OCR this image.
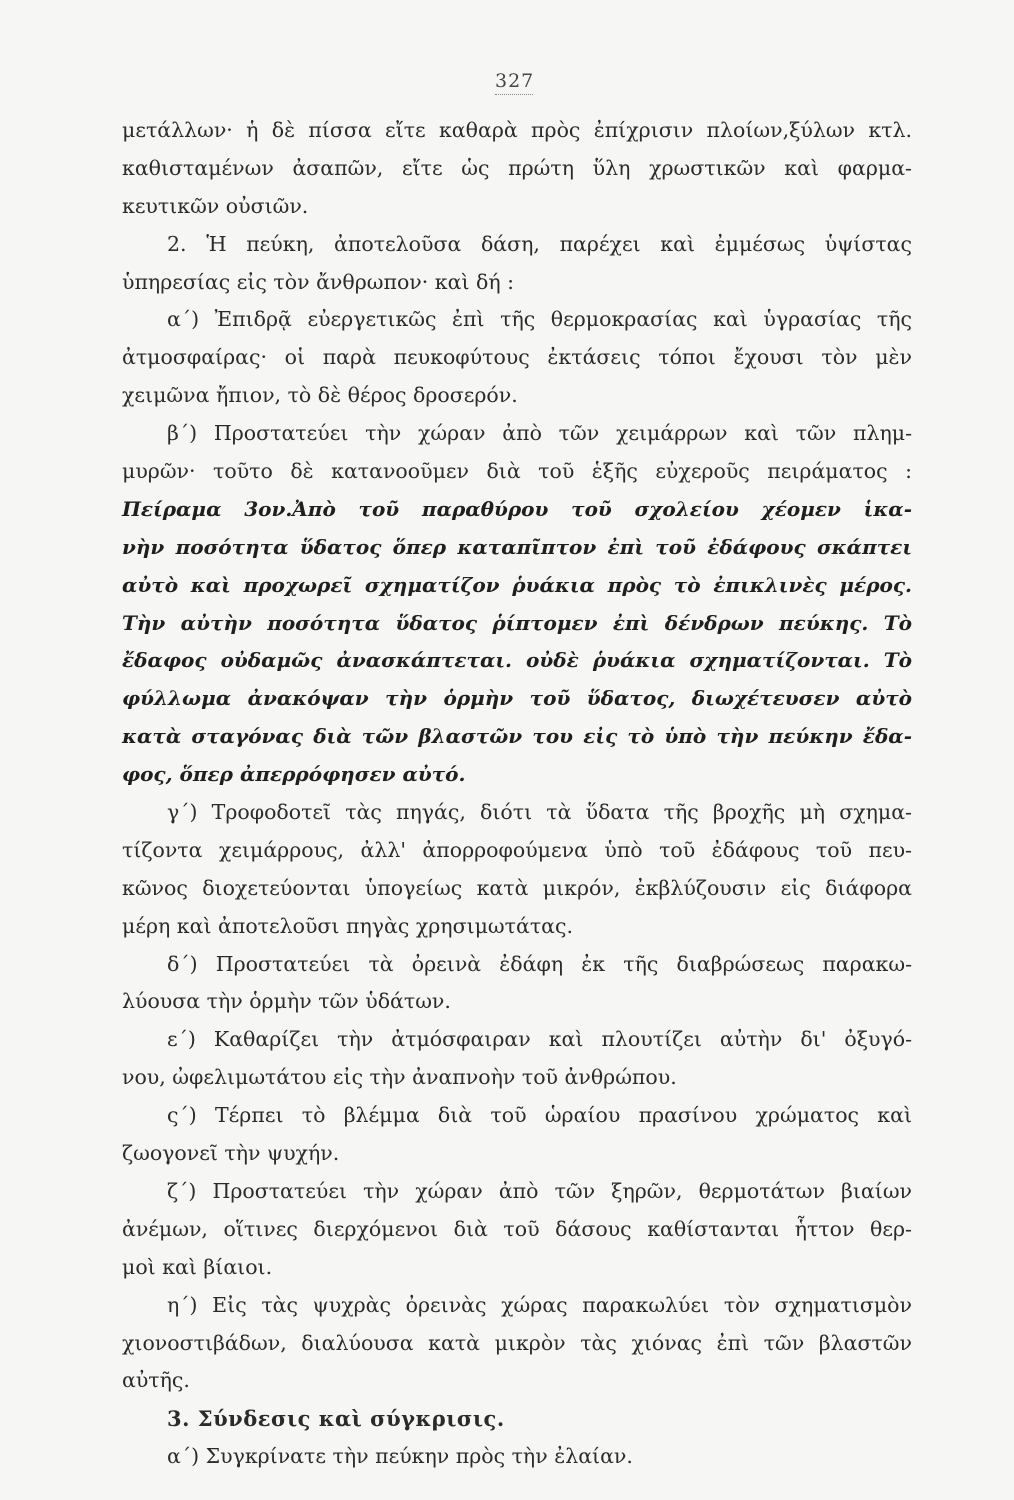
327
μετάλλων· ἡ δὲ πίσσα εἴτε καθαρὰ πρὸς ἐπίχρισιν πλοίων,ξύλων κτλ.
καθισταμένων ἀσαπῶν, εἴτε ὡς πρώτη ὕλη χρωστικῶν καὶ φαρμα-
κευτικῶν οὐσιῶν.
2. Ἡ πεύκη, ἀποτελοῦσα δάση, παρέχει καὶ ἐμμέσως ὑψίστας
ὑπηρεσίας εἰς τὸν ἄνθρωπον· καὶ δή :
α΄) Ἐπιδρᾷ εὐεργετικῶς ἐπὶ τῆς θερμοκρασίας καὶ ὑγρασίας τῆς
ἀτμοσφαίρας· οἱ παρὰ πευκοφύτους ἐκτάσεις τόποι ἔχουσι τὸν μὲν
χειμῶνα ἤπιον, τὸ δὲ θέρος δροσερόν.
β΄) Προστατεύει τὴν χώραν ἀπὸ τῶν χειμάρρων καὶ τῶν πλημ-
μυρῶν· τοῦτο δὲ κατανοοῦμεν διὰ τοῦ ἑξῆς εὐχεροῦς πειράματος :
Πείραμα 3ον.Ἀπὸ τοῦ παραθύρου τοῦ σχολείου χέομεν ἱκα-
νὴν ποσότητα ὕδατος ὅπερ καταπῖπτον ἐπὶ τοῦ ἐδάφους σκάπτει
αὐτὸ καὶ προχωρεῖ σχηματίζον ῥυάκια πρὸς τὸ ἐπικλινὲς μέρος.
Τὴν αὐτὴν ποσότητα ὕδατος ῥίπτομεν ἐπὶ δένδρων πεύκης. Τὸ
ἔδαφος οὐδαμῶς ἀνασκάπτεται. οὐδὲ ῥυάκια σχηματίζονται. Τὸ
φύλλωμα ἀνακόψαν τὴν ὁρμὴν τοῦ ὕδατος, διωχέτευσεν αὐτὸ
κατὰ σταγόνας διὰ τῶν βλαστῶν του εἰς τὸ ὑπὸ τὴν πεύκην ἔδα-
φος, ὅπερ ἀπερρόφησεν αὐτό.
γ΄) Τροφοδοτεῖ τὰς πηγάς, διότι τὰ ὕδατα τῆς βροχῆς μὴ σχημα-
τίζοντα χειμάρρους, ἀλλ' ἀπορροφούμενα ὑπὸ τοῦ ἐδάφους τοῦ πευ-
κῶνος διοχετεύονται ὑπογείως κατὰ μικρόν, ἐκβλύζουσιν εἰς διάφορα
μέρη καὶ ἀποτελοῦσι πηγὰς χρησιμωτάτας.
δ΄) Προστατεύει τὰ ὀρεινὰ ἐδάφη ἐκ τῆς διαβρώσεως παρακω-
λύουσα τὴν ὁρμὴν τῶν ὑδάτων.
ε΄) Καθαρίζει τὴν ἀτμόσφαιραν καὶ πλουτίζει αὐτὴν δι' ὀξυγό-
νου, ὠφελιμωτάτου εἰς τὴν ἀναπνοὴν τοῦ ἀνθρώπου.
ς΄) Τέρπει τὸ βλέμμα διὰ τοῦ ὡραίου πρασίνου χρώματος καὶ
ζωογονεῖ τὴν ψυχήν.
ζ΄) Προστατεύει τὴν χώραν ἀπὸ τῶν ξηρῶν, θερμοτάτων βιαίων
ἀνέμων, οἵτινες διερχόμενοι διὰ τοῦ δάσους καθίστανται ἧττον θερ-
μοὶ καὶ βίαιοι.
η΄) Εἰς τὰς ψυχρὰς ὀρεινὰς χώρας παρακωλύει τὸν σχηματισμὸν
χιονοστιβάδων, διαλύουσα κατὰ μικρὸν τὰς χιόνας ἐπὶ τῶν βλαστῶν
αὐτῆς.
3. Σύνδεσις καὶ σύγκρισις.
α΄) Συγκρίνατε τὴν πεύκην πρὸς τὴν ἐλαίαν.
